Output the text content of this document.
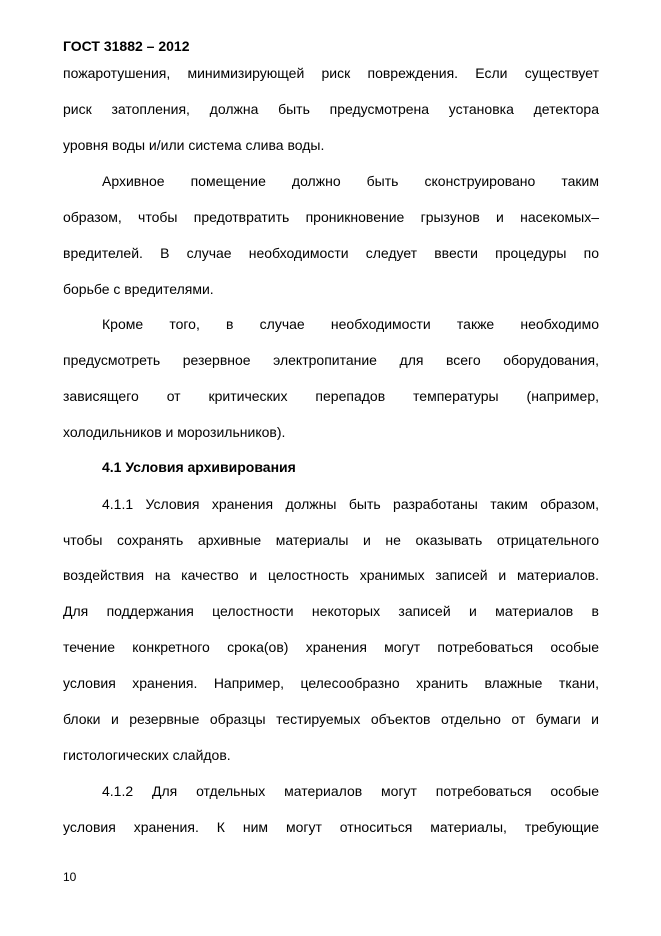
ГОСТ 31882 – 2012
пожаротушения, минимизирующей риск повреждения. Если существует
риск затопления, должна быть предусмотрена установка детектора
уровня воды и/или система слива воды.
Архивное помещение должно быть сконструировано таким
образом, чтобы предотвратить проникновение грызунов и насекомых–
вредителей. В случае необходимости следует ввести процедуры по
борьбе с вредителями.
Кроме того, в случае необходимости также необходимо
предусмотреть резервное электропитание для всего оборудования,
зависящего от критических перепадов температуры (например,
холодильников и морозильников).
4.1 Условия архивирования
4.1.1 Условия хранения должны быть разработаны таким образом,
чтобы сохранять архивные материалы и не оказывать отрицательного
воздействия на качество и целостность хранимых записей и материалов.
Для поддержания целостности некоторых записей и материалов в
течение конкретного срока(ов) хранения могут потребоваться особые
условия хранения. Например, целесообразно хранить влажные ткани,
блоки и резервные образцы тестируемых объектов отдельно от бумаги и
гистологических слайдов.
4.1.2 Для отдельных материалов могут потребоваться особые
условия хранения. К ним могут относиться материалы, требующие
10
